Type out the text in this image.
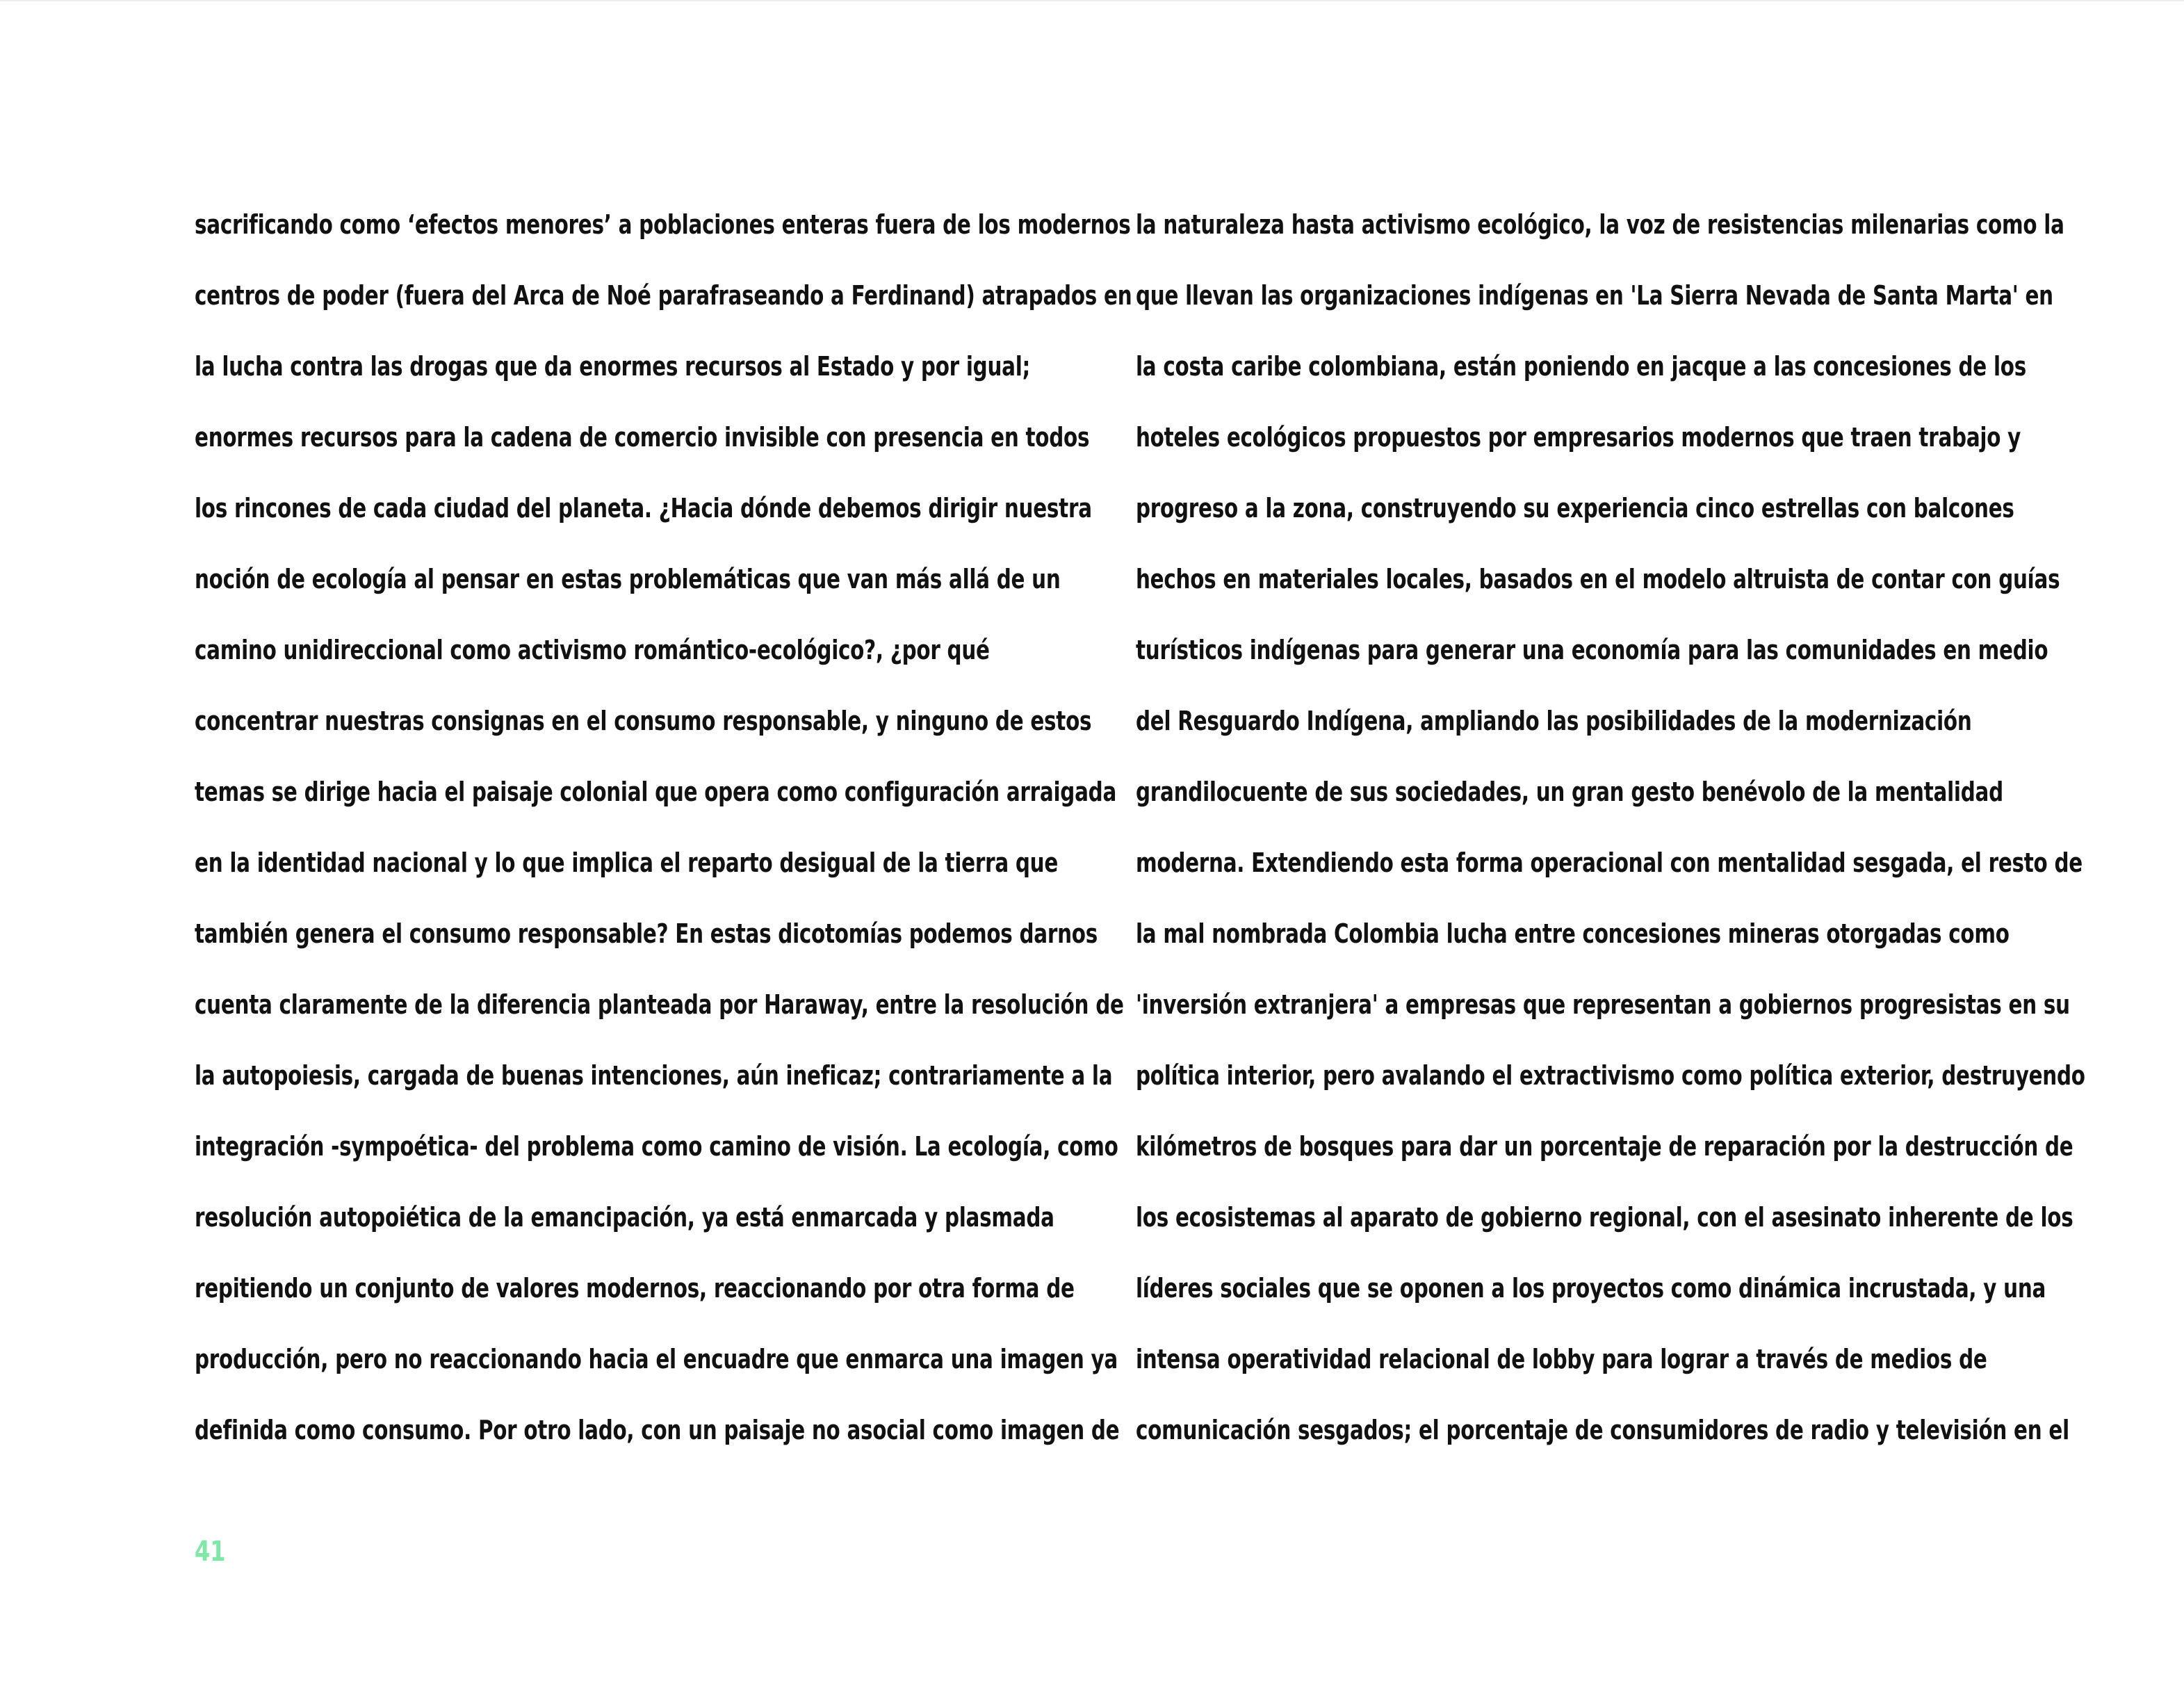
sacrificando como ‘efectos menores’ a poblaciones enteras fuera de los modernos
centros de poder (fuera del Arca de Noé parafraseando a Ferdinand) atrapados en
la lucha contra las drogas que da enormes recursos al Estado y por igual;
enormes recursos para la cadena de comercio invisible con presencia en todos
los rincones de cada ciudad del planeta. ¿Hacia dónde debemos dirigir nuestra
noción de ecología al pensar en estas problemáticas que van más allá de un
camino unidireccional como activismo romántico-ecológico?, ¿por qué
concentrar nuestras consignas en el consumo responsable, y ninguno de estos
temas se dirige hacia el paisaje colonial que opera como configuración arraigada
en la identidad nacional y lo que implica el reparto desigual de la tierra que
también genera el consumo responsable? En estas dicotomías podemos darnos
cuenta claramente de la diferencia planteada por Haraway, entre la resolución de
la autopoiesis, cargada de buenas intenciones, aún ineficaz; contrariamente a la
integración -sympoética- del problema como camino de visión. La ecología, como
resolución autopoiética de la emancipación, ya está enmarcada y plasmada
repitiendo un conjunto de valores modernos, reaccionando por otra forma de
producción, pero no reaccionando hacia el encuadre que enmarca una imagen ya
definida como consumo. Por otro lado, con un paisaje no asocial como imagen de
la naturaleza hasta activismo ecológico, la voz de resistencias milenarias como la
que llevan las organizaciones indígenas en 'La Sierra Nevada de Santa Marta' en
la costa caribe colombiana, están poniendo en jacque a las concesiones de los
hoteles ecológicos propuestos por empresarios modernos que traen trabajo y
progreso a la zona, construyendo su experiencia cinco estrellas con balcones
hechos en materiales locales, basados en el modelo altruista de contar con guías
turísticos indígenas para generar una economía para las comunidades en medio
del Resguardo Indígena, ampliando las posibilidades de la modernización
grandilocuente de sus sociedades, un gran gesto benévolo de la mentalidad
moderna. Extendiendo esta forma operacional con mentalidad sesgada, el resto de
la mal nombrada Colombia lucha entre concesiones mineras otorgadas como
'inversión extranjera' a empresas que representan a gobiernos progresistas en su
política interior, pero avalando el extractivismo como política exterior, destruyendo
kilómetros de bosques para dar un porcentaje de reparación por la destrucción de
los ecosistemas al aparato de gobierno regional, con el asesinato inherente de los
líderes sociales que se oponen a los proyectos como dinámica incrustada, y una
intensa operatividad relacional de lobby para lograr a través de medios de
comunicación sesgados; el porcentaje de consumidores de radio y televisión en el
41
